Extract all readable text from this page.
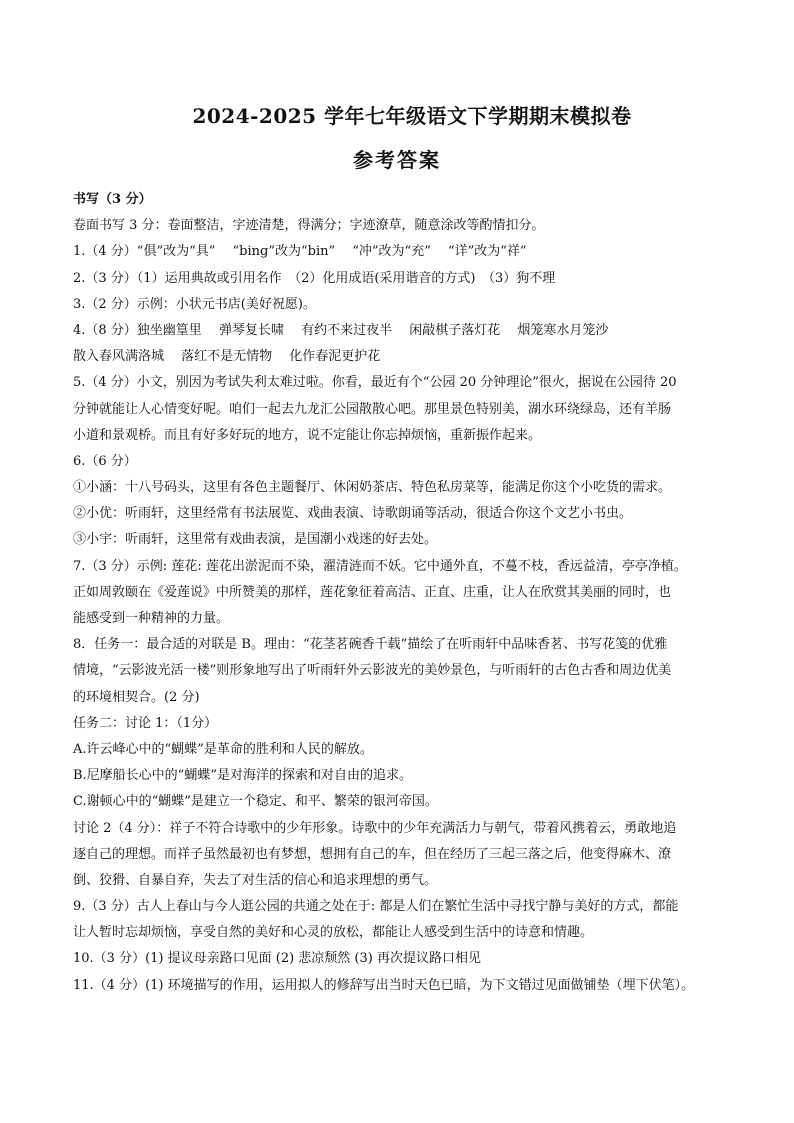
2024-2025 学年七年级语文下学期期末模拟卷
参考答案
书写（3 分）
卷面书写 3 分：卷面整洁，字迹清楚，得满分；字迹潦草，随意涂改等酌情扣分。
1.（4 分）“俱”改为“具”　 “bing”改为“bin”　 “冲”改为“充”　 “详”改为“祥”
2.（3 分）（1）运用典故或引用名作　（2）化用成语(采用谐音的方式)　（3）狗不理
3.（2 分）示例：小状元书店(美好祝愿)。
4.（8 分）独坐幽篁里　 弹琴复长啸　 有约不来过夜半　 闲敲棋子落灯花　 烟笼寒水月笼沙
散入春风满洛城　 落红不是无情物　 化作春泥更护花
5.（4 分）小文，别因为考试失利太难过啦。你看，最近有个“公园 20 分钟理论”很火，据说在公园待 20
分钟就能让人心情变好呢。咱们一起去九龙汇公园散散心吧。那里景色特别美，湖水环绕绿岛，还有羊肠
小道和景观桥。而且有好多好玩的地方，说不定能让你忘掉烦恼，重新振作起来。
6.（6 分）
①小涵：十八号码头，这里有各色主题餐厅、休闲奶茶店、特色私房菜等，能满足你这个小吃货的需求。
②小优：听雨轩，这里经常有书法展览、戏曲表演、诗歌朗诵等活动，很适合你这个文艺小书虫。
③小宇：听雨轩，这里常有戏曲表演，是国潮小戏迷的好去处。
7.（3 分）示例: 莲花: 莲花出淤泥而不染，濯清涟而不妖。它中通外直，不蔓不枝，香远益清，亭亭净植。
正如周敦颐在《爱莲说》中所赞美的那样，莲花象征着高洁、正直、庄重，让人在欣赏其美丽的同时，也
能感受到一种精神的力量。
8．任务一：最合适的对联是 B。理由：“花茎茗碗香千载”描绘了在听雨轩中品味香茗、书写花笺的优雅
情境，“云影波光活一楼”则形象地写出了听雨轩外云影波光的美妙景色，与听雨轩的古色古香和周边优美
的环境相契合。(2 分)
任务二：讨论 1：（1分）
A.许云峰心中的“蝴蝶”是革命的胜利和人民的解放。
B.尼摩船长心中的“蝴蝶”是对海洋的探索和对自由的追求。
C.谢顿心中的“蝴蝶”是建立一个稳定、和平、繁荣的银河帝国。
讨论 2（4 分）：祥子不符合诗歌中的少年形象。诗歌中的少年充满活力与朝气，带着风携着云，勇敢地追
逐自己的理想。而祥子虽然最初也有梦想，想拥有自己的车，但在经历了三起三落之后，他变得麻木、潦
倒、狡猾、自暴自弃，失去了对生活的信心和追求理想的勇气。
9.（3 分）古人上春山与今人逛公园的共通之处在于: 都是人们在繁忙生活中寻找宁静与美好的方式，都能
让人暂时忘却烦恼，享受自然的美好和心灵的放松，都能让人感受到生活中的诗意和情趣。
10.（3 分）(1) 提议母亲路口见面 (2) 悲凉颓然 (3) 再次提议路口相见
11.（4 分）(1) 环境描写的作用，运用拟人的修辞写出当时天色已暗，为下文错过见面做铺垫（埋下伏笔）。
